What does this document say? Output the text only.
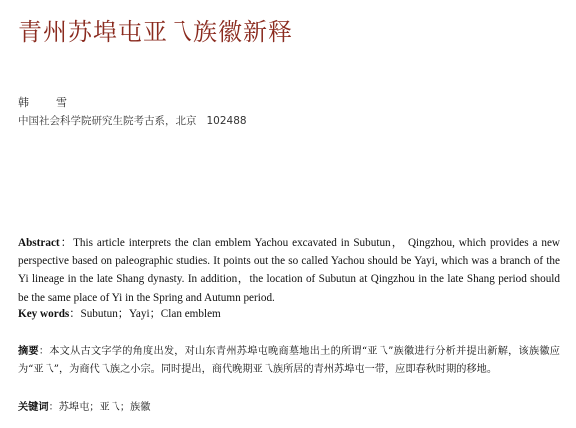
青州苏埠屯亚乁族徽新释
韩　雪
中国社会科学院研究生院考古系，北京 102488
Abstract：This article interprets the clan emblem Yachou excavated in Subutun， Qingzhou, which provides a new perspective based on paleographic studies. It points out the so called Yachou should be Yayi, which was a branch of the Yi lineage in the late Shang dynasty. In addition，the location of Subutun at Qingzhou in the late Shang period should be the same place of Yi in the Spring and Autumn period.
Key words：Subutun；Yayi；Clan emblem
摘要：本文从古文字学的角度出发，对山东青州苏埠屯晚商墓地出土的所谓“亚乁”族徽进行分析并提出新解，该族徽应为“亚乁”，为商代乁族之小宗。同时提出，商代晚期亚乁族所居的青州苏埠屯一带，应即春秋时期的移地。
关键词：苏埠屯；亚乁；族徽
